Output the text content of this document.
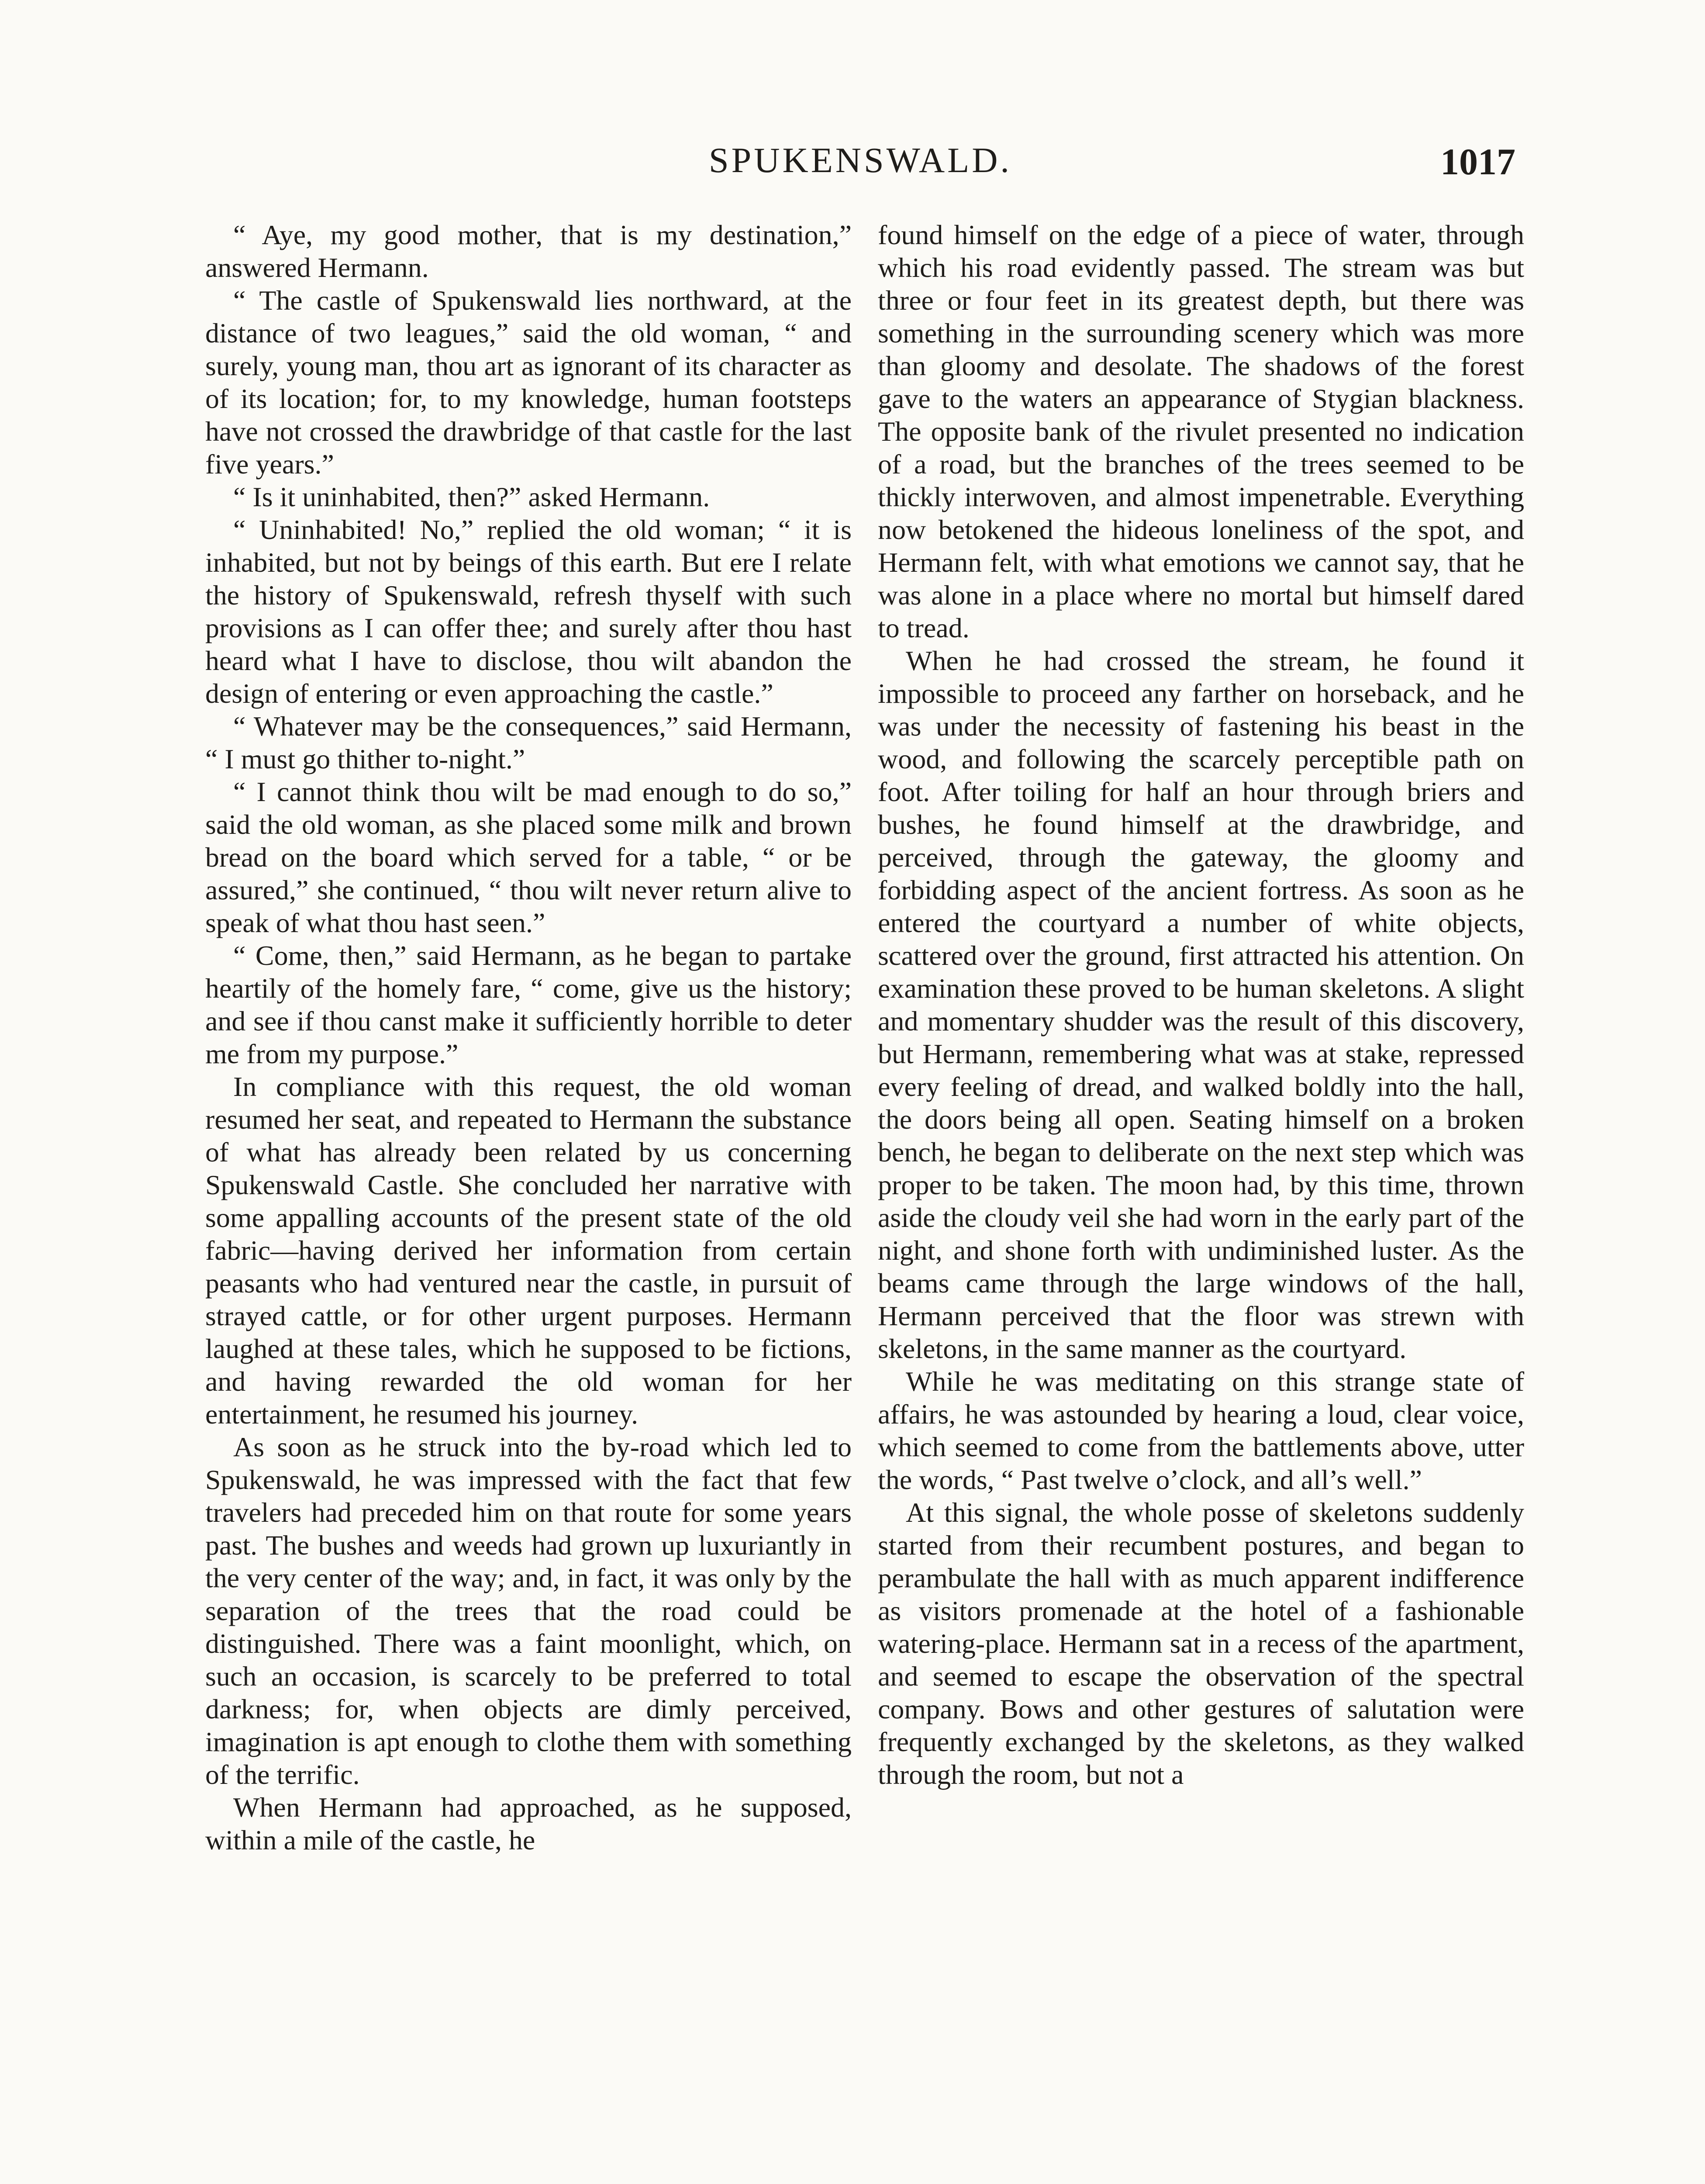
SPUKENSWALD.	1017

“ Aye, my good mother, that is my destination,” answered Hermann.

“ The castle of Spukenswald lies northward, at the distance of two leagues,” said the old woman, “ and surely, young man, thou art as ignorant of its character as of its location; for, to my knowledge, human footsteps have not crossed the drawbridge of that castle for the last five years.”

“ Is it uninhabited, then?” asked Hermann.

“ Uninhabited! No,” replied the old woman; “ it is inhabited, but not by beings of this earth. But ere I relate the history of Spukenswald, refresh thyself with such provisions as I can offer thee; and surely after thou hast heard what I have to disclose, thou wilt abandon the design of entering or even approaching the castle.”

“ Whatever may be the consequences,” said Hermann, “ I must go thither to-night.”

“ I cannot think thou wilt be mad enough to do so,” said the old woman, as she placed some milk and brown bread on the board which served for a table, “ or be assured,” she continued, “ thou wilt never return alive to speak of what thou hast seen.”

“ Come, then,” said Hermann, as he began to partake heartily of the homely fare, “ come, give us the history; and see if thou canst make it sufficiently horrible to deter me from my purpose.”

In compliance with this request, the old woman resumed her seat, and repeated to Hermann the substance of what has already been related by us concerning Spukenswald Castle. She concluded her narrative with some appalling accounts of the present state of the old fabric—having derived her information from certain peasants who had ventured near the castle, in pursuit of strayed cattle, or for other urgent purposes. Hermann laughed at these tales, which he supposed to be fictions, and having rewarded the old woman for her entertainment, he resumed his journey.

As soon as he struck into the by-road which led to Spukenswald, he was impressed with the fact that few travelers had preceded him on that route for some years past. The bushes and weeds had grown up luxuriantly in the very center of the way; and, in fact, it was only by the separation of the trees that the road could be distinguished. There was a faint moonlight, which, on such an occasion, is scarcely to be preferred to total darkness; for, when objects are dimly perceived, imagination is apt enough to clothe them with something of the terrific.

When Hermann had approached, as he supposed, within a mile of the castle, he

found himself on the edge of a piece of water, through which his road evidently passed. The stream was but three or four feet in its greatest depth, but there was something in the surrounding scenery which was more than gloomy and desolate. The shadows of the forest gave to the waters an appearance of Stygian blackness. The opposite bank of the rivulet presented no indication of a road, but the branches of the trees seemed to be thickly interwoven, and almost impenetrable. Everything now betokened the hideous loneliness of the spot, and Hermann felt, with what emotions we cannot say, that he was alone in a place where no mortal but himself dared to tread.

When he had crossed the stream, he found it impossible to proceed any farther on horseback, and he was under the necessity of fastening his beast in the wood, and following the scarcely perceptible path on foot. After toiling for half an hour through briers and bushes, he found himself at the drawbridge, and perceived, through the gateway, the gloomy and forbidding aspect of the ancient fortress. As soon as he entered the courtyard a number of white objects, scattered over the ground, first attracted his attention. On examination these proved to be human skeletons. A slight and momentary shudder was the result of this discovery, but Hermann, remembering what was at stake, repressed every feeling of dread, and walked boldly into the hall, the doors being all open. Seating himself on a broken bench, he began to deliberate on the next step which was proper to be taken. The moon had, by this time, thrown aside the cloudy veil she had worn in the early part of the night, and shone forth with undiminished luster. As the beams came through the large windows of the hall, Hermann perceived that the floor was strewn with skeletons, in the same manner as the courtyard.

While he was meditating on this strange state of affairs, he was astounded by hearing a loud, clear voice, which seemed to come from the battlements above, utter the words, “ Past twelve o’clock, and all’s well.”

At this signal, the whole posse of skeletons suddenly started from their recumbent postures, and began to perambulate the hall with as much apparent indifference as visitors promenade at the hotel of a fashionable watering-place. Hermann sat in a recess of the apartment, and seemed to escape the observation of the spectral company. Bows and other gestures of salutation were frequently exchanged by the skeletons, as they walked through the room, but not a
